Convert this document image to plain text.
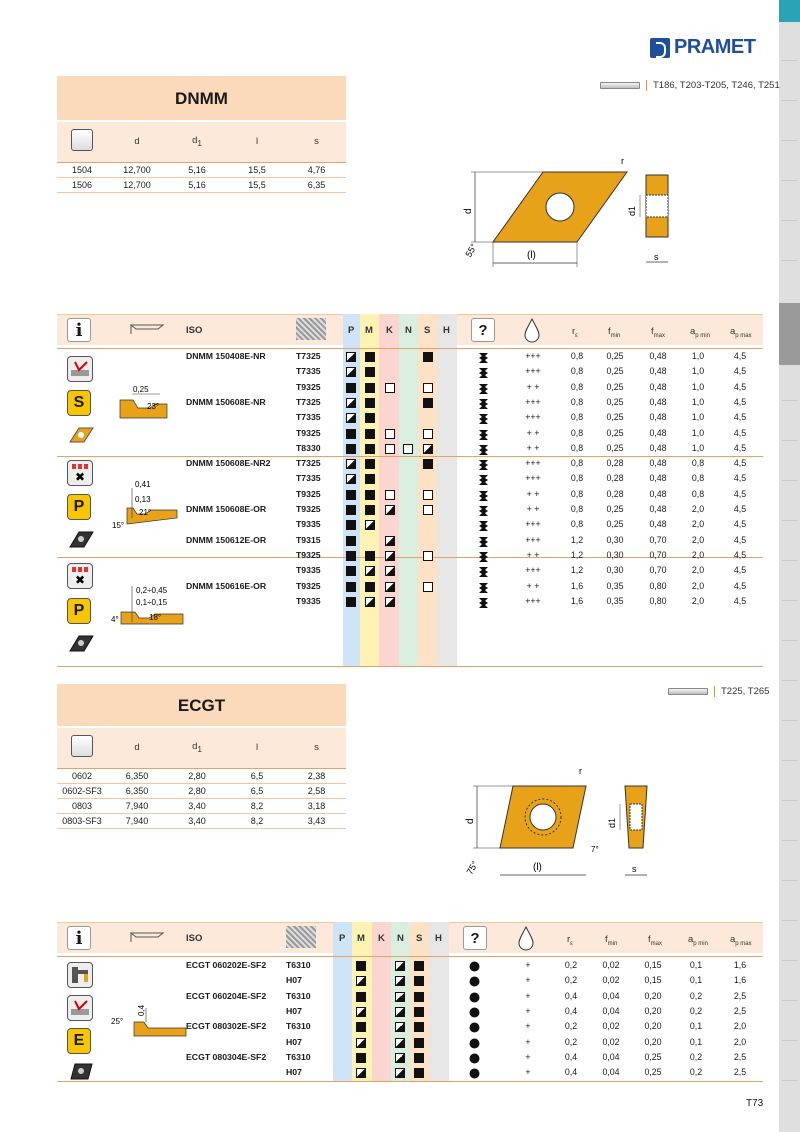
PRAMET
T186, T203-T205, T246, T251
DNMM
	d	$d_1$	l	s
1504	12,700	5,16	15,5	4,76
1506	12,700	5,16	15,5	6,35
d
(l)
55°
r
d1
s
i	ISO	P M K N S H	?	$r_\varepsilon$	$f_{min}$	$f_{max}$	$a_{p min}$ $a_{p max}$
S
✖
P
✖
P
0,25
23°
0,41
0,13
21°
15°
0,2÷0,45
0,1÷0,15
18°
4°
DNMM 150408E-NR	T7325	+++	0,8	0,25	0,48	1,0	4,5
T7335	+++	0,8	0,25	0,48	1,0	4,5
T9325	+ +	0,8	0,25	0,48	1,0	4,5
DNMM 150608E-NR	T7325	+++	0,8	0,25	0,48	1,0	4,5
T7335	+++	0,8	0,25	0,48	1,0	4,5
T9325	+ +	0,8	0,25	0,48	1,0	4,5
T8330	+ +	0,8	0,25	0,48	1,0	4,5
DNMM 150608E-NR2	T7325	+++	0,8	0,28	0,48	0,8	4,5
T7335	+++	0,8	0,28	0,48	0,8	4,5
T9325	+ +	0,8	0,28	0,48	0,8	4,5
DNMM 150608E-OR	T9325	+ +	0,8	0,25	0,48	2,0	4,5
T9335	+++	0,8	0,25	0,48	2,0	4,5
DNMM 150612E-OR	T9315	+++	1,2	0,30	0,70	2,0	4,5
T9325	+ +	1,2	0,30	0,70	2,0	4,5
T9335	+++	1,2	0,30	0,70	2,0	4,5
DNMM 150616E-OR	T9325	+ +	1,6	0,35	0,80	2,0	4,5
T9335	+++	1,6	0,35	0,80	2,0	4,5
T225, T265
ECGT
	d	$d_1$	l	s
0602	6,350	2,80	6,5	2,38
0602-SF3	6,350	2,80	6,5	2,58
0803	7,940	3,40	8,2	3,18
0803-SF3	7,940	3,40	8,2	3,43	d
(l)
75°
r
d1
7°
s
i	ISO	P M K N S H	?	$r_\varepsilon$	$f_{min}$	$f_{max}$	$a_{p min}$ $a_{p max}$
E
25°
0,4
ECGT 060202E-SF2 T6310	+	0,2	0,02	0,15	0,1	1,6
H07	+	0,2	0,02	0,15	0,1	1,6
ECGT 060204E-SF2 T6310	+	0,4	0,04	0,20	0,2	2,5
H07	+	0,4	0,04	0,20	0,2	2,5
ECGT 080302E-SF2 T6310	+	0,2	0,02	0,20	0,1	2,0
H07	+	0,2	0,02	0,20	0,1	2,0
ECGT 080304E-SF2 T6310	+	0,4	0,04	0,25	0,2	2,5
H07	+	0,4	0,04	0,25	0,2	2,5
T73
